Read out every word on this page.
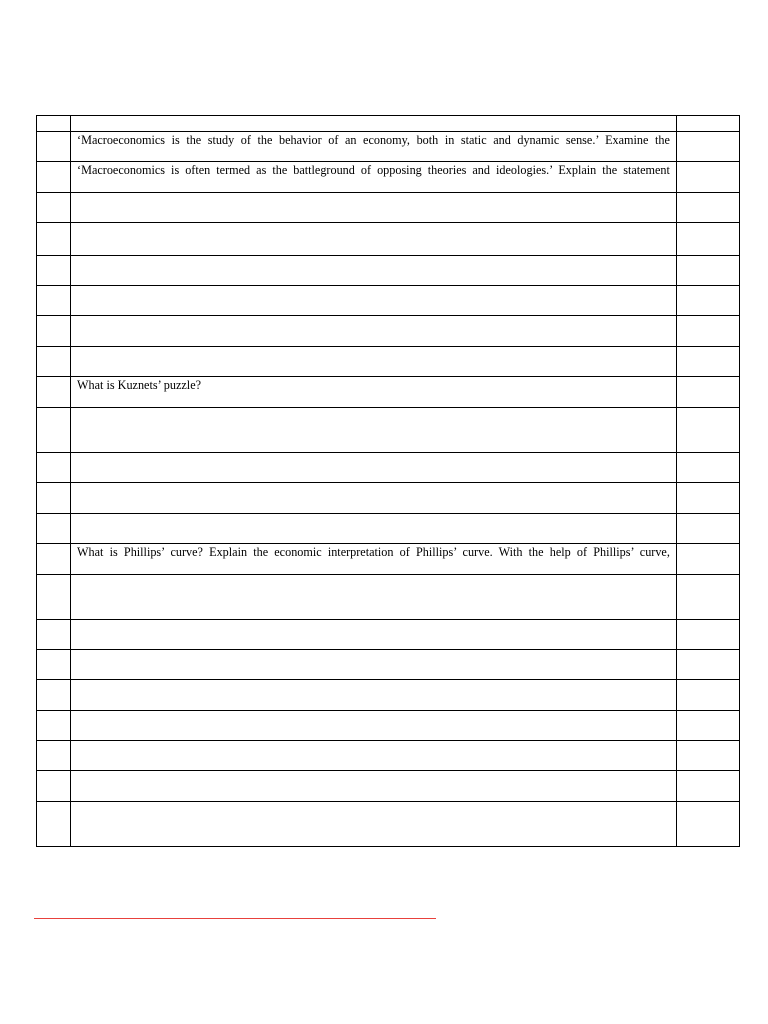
	‘Macroeconomics is the study of the behavior of an economy, both in static and dynamic sense.’ Examine the	

	‘Macroeconomics is often termed as the battleground of opposing theories and ideologies.’ Explain the statement	

	What is Kuznets’ puzzle?	

	What is Phillips’ curve? Explain the economic interpretation of Phillips’ curve. With the help of Phillips’ curve,	
